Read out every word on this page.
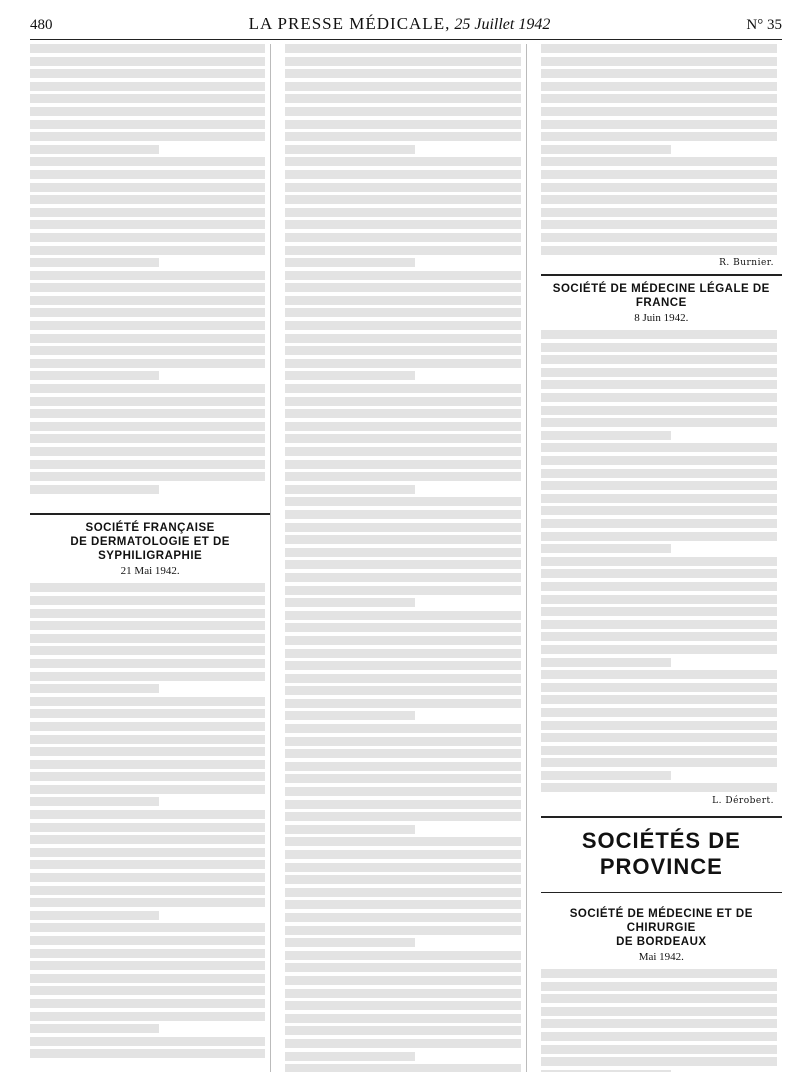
480	LA PRESSE MÉDICALE, 25 Juillet 1942	N° 35
SOCIÉTÉ FRANÇAISE
DE DERMATOLOGIE ET DE SYPHILIGRAPHIE
21 Mai 1942.
R. Burnier.
SOCIÉTÉ DE MÉDECINE LÉGALE DE FRANCE
8 Juin 1942.
L. Dérobert.
SOCIÉTÉS DE PROVINCE
SOCIÉTÉ DE MÉDECINE ET DE CHIRURGIE
DE BORDEAUX
Mai 1942.
